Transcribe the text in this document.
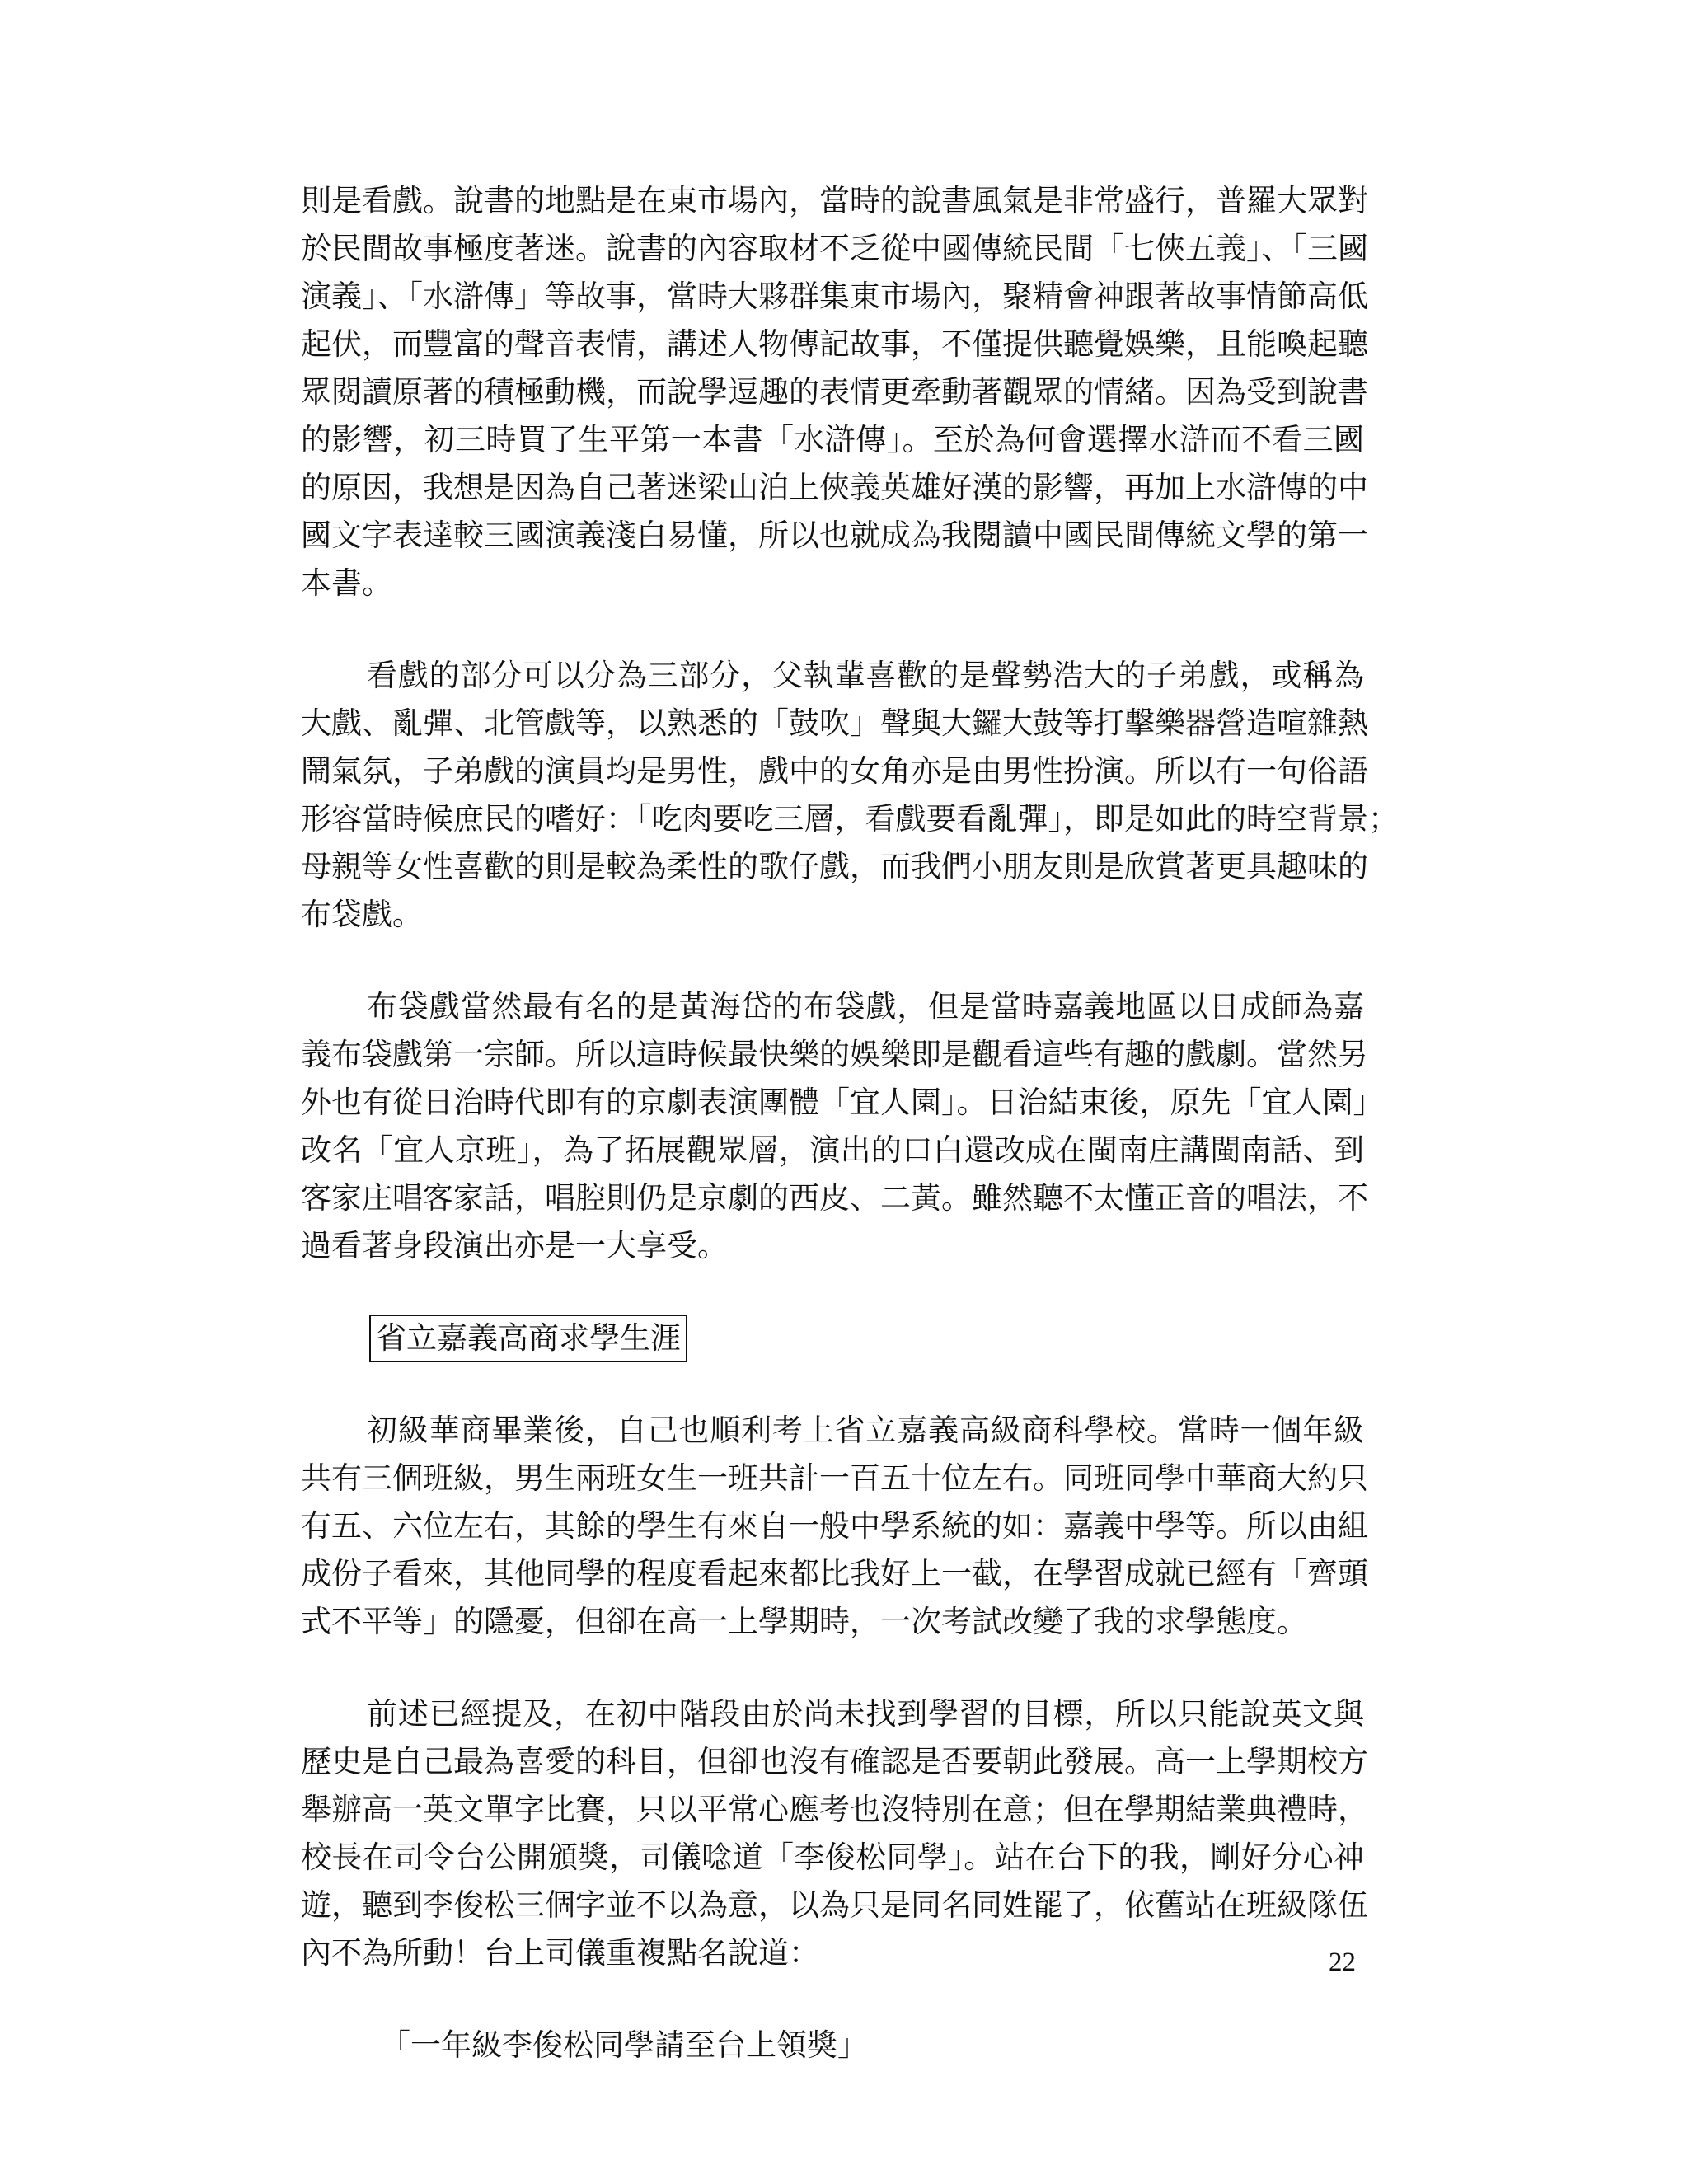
則是看戲。說書的地點是在東市場內，當時的說書風氣是非常盛行，普羅大眾對
於民間故事極度著迷。說書的內容取材不乏從中國傳統民間「七俠五義」、「三國
演義」、「水滸傳」等故事，當時大夥群集東市場內，聚精會神跟著故事情節高低
起伏，而豐富的聲音表情，講述人物傳記故事，不僅提供聽覺娛樂，且能喚起聽
眾閱讀原著的積極動機，而說學逗趣的表情更牽動著觀眾的情緒。因為受到說書
的影響，初三時買了生平第一本書「水滸傳」。至於為何會選擇水滸而不看三國
的原因，我想是因為自己著迷梁山泊上俠義英雄好漢的影響，再加上水滸傳的中
國文字表達較三國演義淺白易懂，所以也就成為我閱讀中國民間傳統文學的第一
本書。
看戲的部分可以分為三部分，父執輩喜歡的是聲勢浩大的子弟戲，或稱為
大戲、亂彈、北管戲等，以熟悉的「鼓吹」聲與大鑼大鼓等打擊樂器營造喧雜熱
鬧氣氛，子弟戲的演員均是男性，戲中的女角亦是由男性扮演。所以有一句俗語
形容當時候庶民的嗜好：「吃肉要吃三層，看戲要看亂彈」，即是如此的時空背景；
母親等女性喜歡的則是較為柔性的歌仔戲，而我們小朋友則是欣賞著更具趣味的
布袋戲。
布袋戲當然最有名的是黃海岱的布袋戲，但是當時嘉義地區以日成師為嘉
義布袋戲第一宗師。所以這時候最快樂的娛樂即是觀看這些有趣的戲劇。當然另
外也有從日治時代即有的京劇表演團體「宜人園」。日治結束後，原先「宜人園」
改名「宜人京班」，為了拓展觀眾層，演出的口白還改成在閩南庄講閩南話、到
客家庄唱客家話，唱腔則仍是京劇的西皮、二黃。雖然聽不太懂正音的唱法，不
過看著身段演出亦是一大享受。
省立嘉義高商求學生涯
初級華商畢業後，自己也順利考上省立嘉義高級商科學校。當時一個年級
共有三個班級，男生兩班女生一班共計一百五十位左右。同班同學中華商大約只
有五、六位左右，其餘的學生有來自一般中學系統的如：嘉義中學等。所以由組
成份子看來，其他同學的程度看起來都比我好上一截，在學習成就已經有「齊頭
式不平等」的隱憂，但卻在高一上學期時，一次考試改變了我的求學態度。
前述已經提及，在初中階段由於尚未找到學習的目標，所以只能說英文與
歷史是自己最為喜愛的科目，但卻也沒有確認是否要朝此發展。高一上學期校方
舉辦高一英文單字比賽，只以平常心應考也沒特別在意；但在學期結業典禮時，
校長在司令台公開頒獎，司儀唸道「李俊松同學」。站在台下的我，剛好分心神
遊，聽到李俊松三個字並不以為意，以為只是同名同姓罷了，依舊站在班級隊伍
內不為所動！台上司儀重複點名說道：
「一年級李俊松同學請至台上領獎」
22
